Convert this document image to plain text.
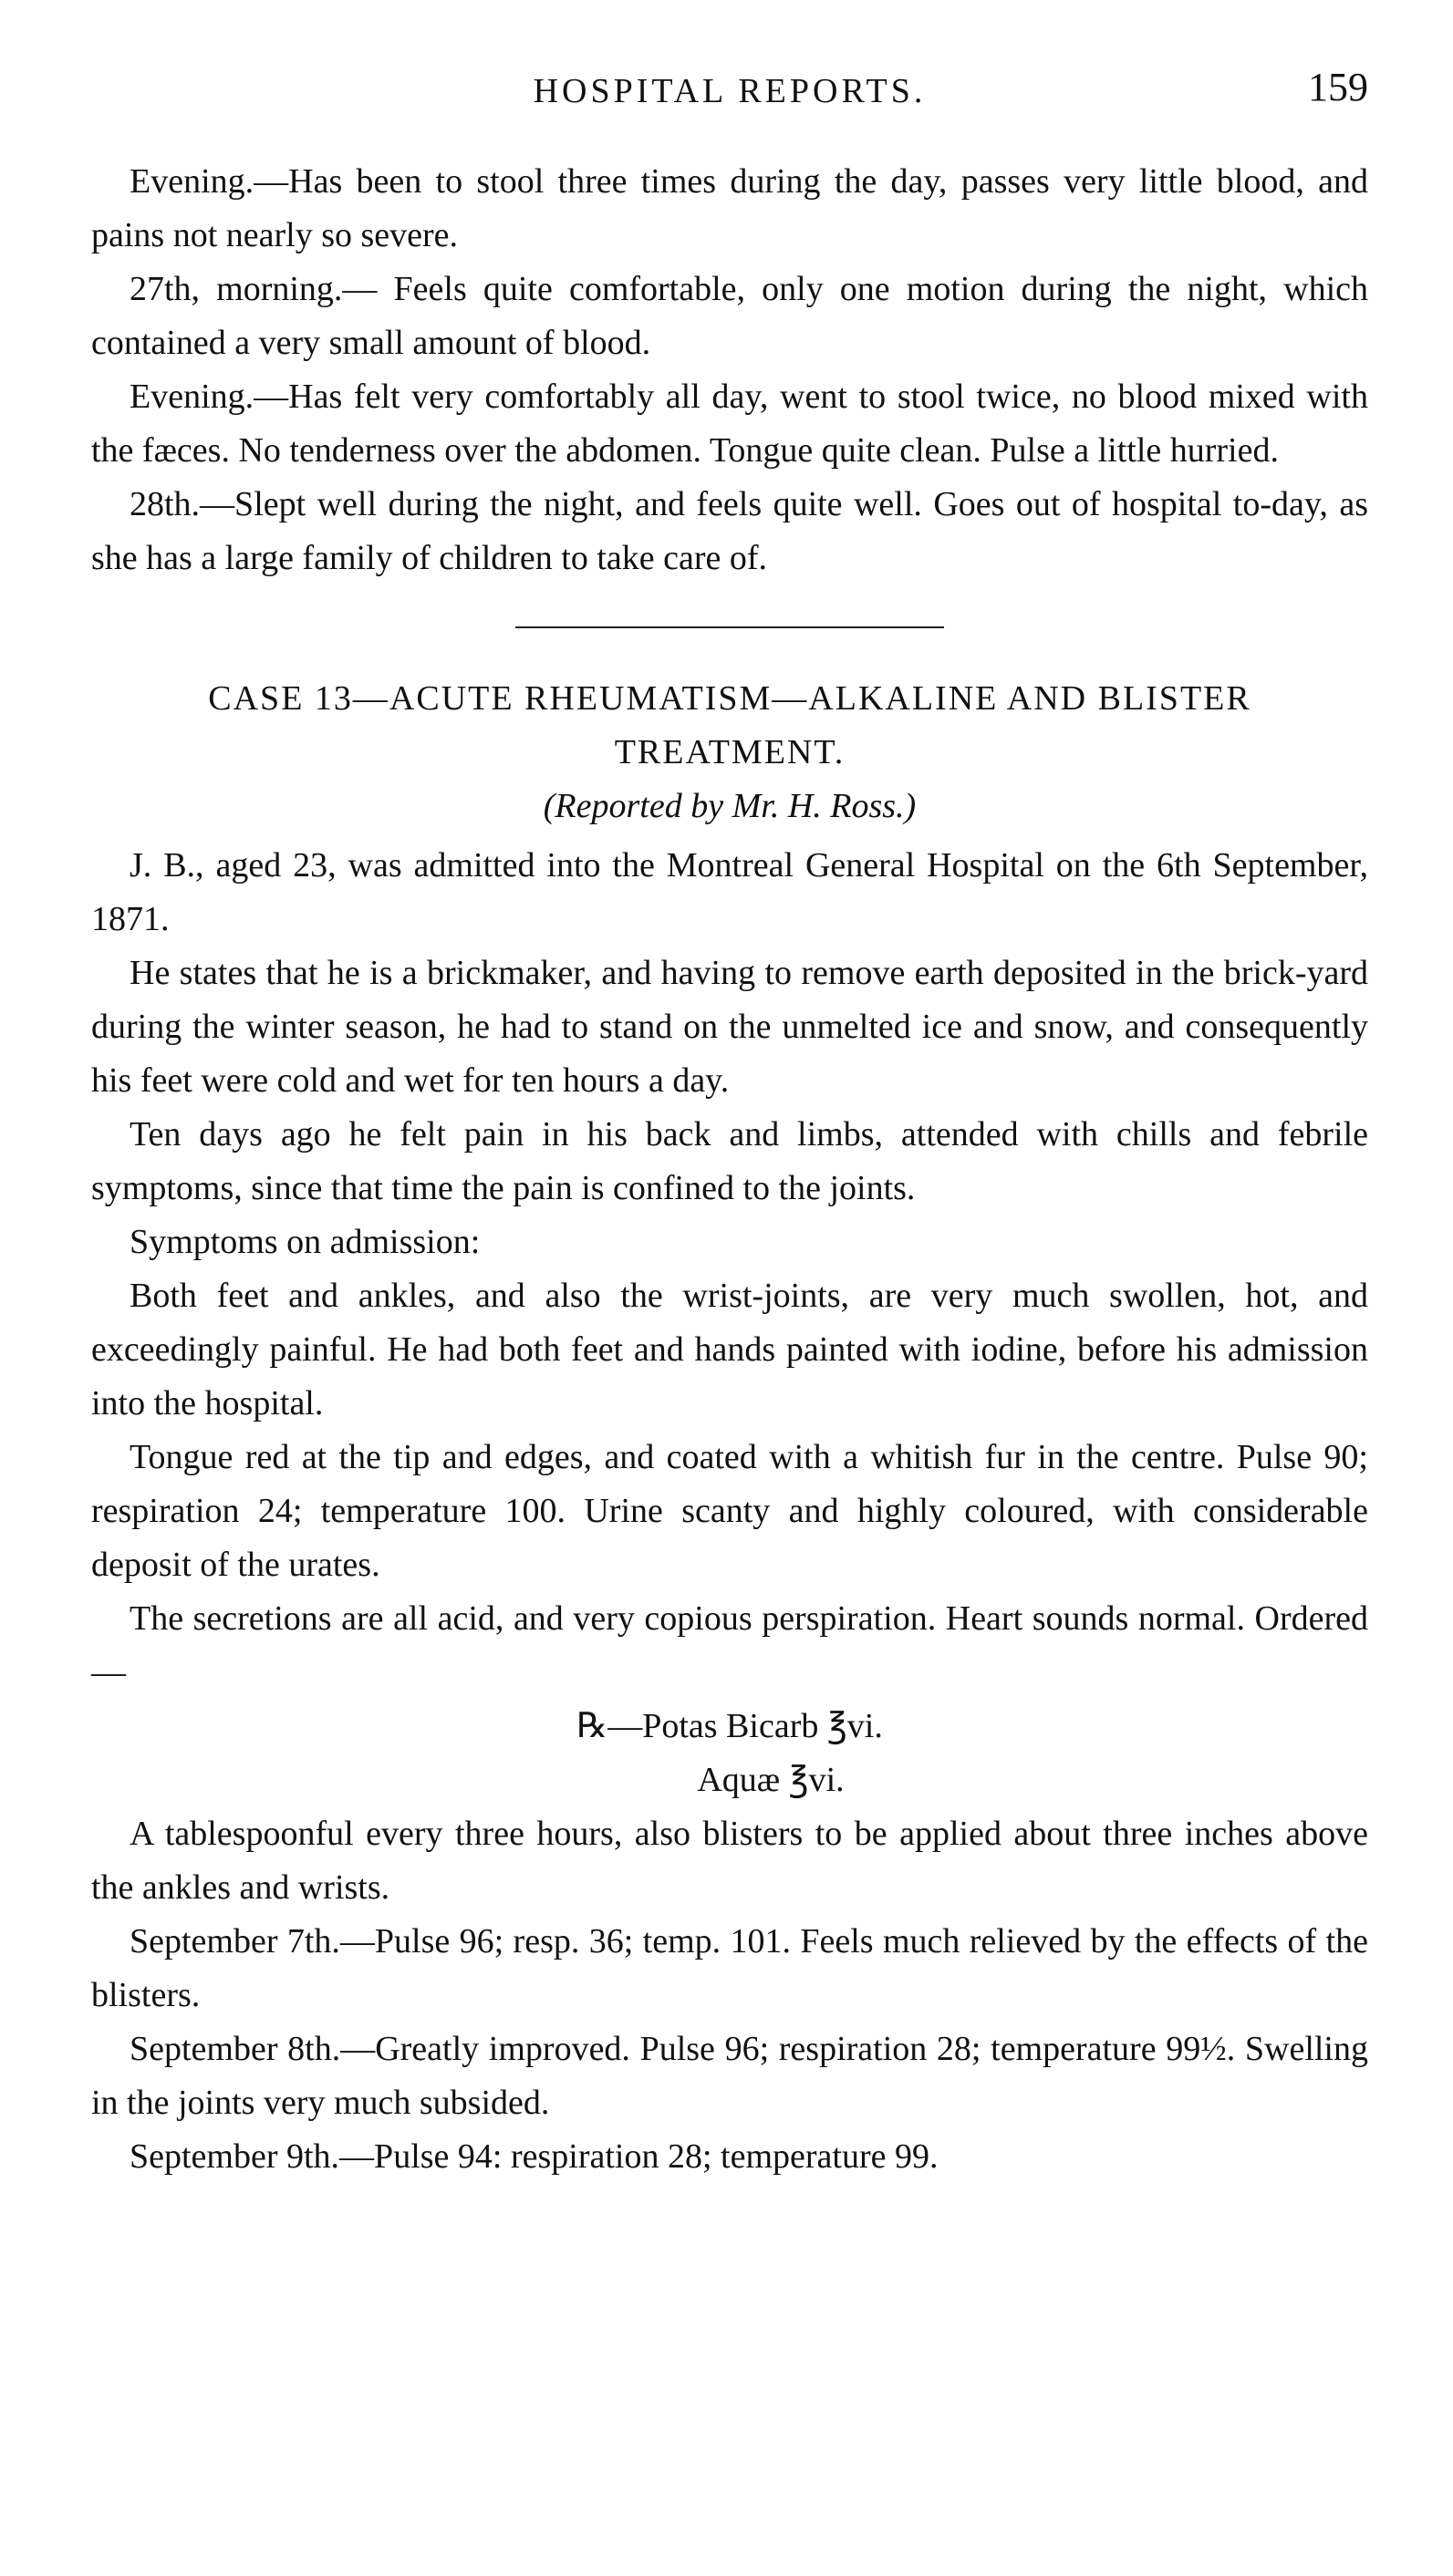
HOSPITAL REPORTS.	159

Evening.—Has been to stool three times during the day, passes very little blood, and pains not nearly so severe.

27th, morning.— Feels quite comfortable, only one motion during the night, which contained a very small amount of blood.

Evening.—Has felt very comfortably all day, went to stool twice, no blood mixed with the fæces. No tenderness over the abdomen. Tongue quite clean. Pulse a little hurried.

28th.—Slept well during the night, and feels quite well. Goes out of hospital to-day, as she has a large family of children to take care of.

CASE 13—ACUTE RHEUMATISM—ALKALINE AND BLISTER TREATMENT.

(Reported by Mr. H. Ross.)

J. B., aged 23, was admitted into the Montreal General Hospital on the 6th September, 1871.

He states that he is a brickmaker, and having to remove earth deposited in the brick-yard during the winter season, he had to stand on the unmelted ice and snow, and consequently his feet were cold and wet for ten hours a day.

Ten days ago he felt pain in his back and limbs, attended with chills and febrile symptoms, since that time the pain is confined to the joints.

Symptoms on admission:

Both feet and ankles, and also the wrist-joints, are very much swollen, hot, and exceedingly painful. He had both feet and hands painted with iodine, before his admission into the hospital.

Tongue red at the tip and edges, and coated with a whitish fur in the centre. Pulse 90; respiration 24; temperature 100. Urine scanty and highly coloured, with considerable deposit of the urates.

The secretions are all acid, and very copious perspiration. Heart sounds normal. Ordered—

℞—Potas Bicarb ℥vi.

Aquæ ℥vi.

A tablespoonful every three hours, also blisters to be applied about three inches above the ankles and wrists.

September 7th.—Pulse 96; resp. 36; temp. 101. Feels much relieved by the effects of the blisters.

September 8th.—Greatly improved. Pulse 96; respiration 28; temperature 99½. Swelling in the joints very much subsided.

September 9th.—Pulse 94: respiration 28; temperature 99.
